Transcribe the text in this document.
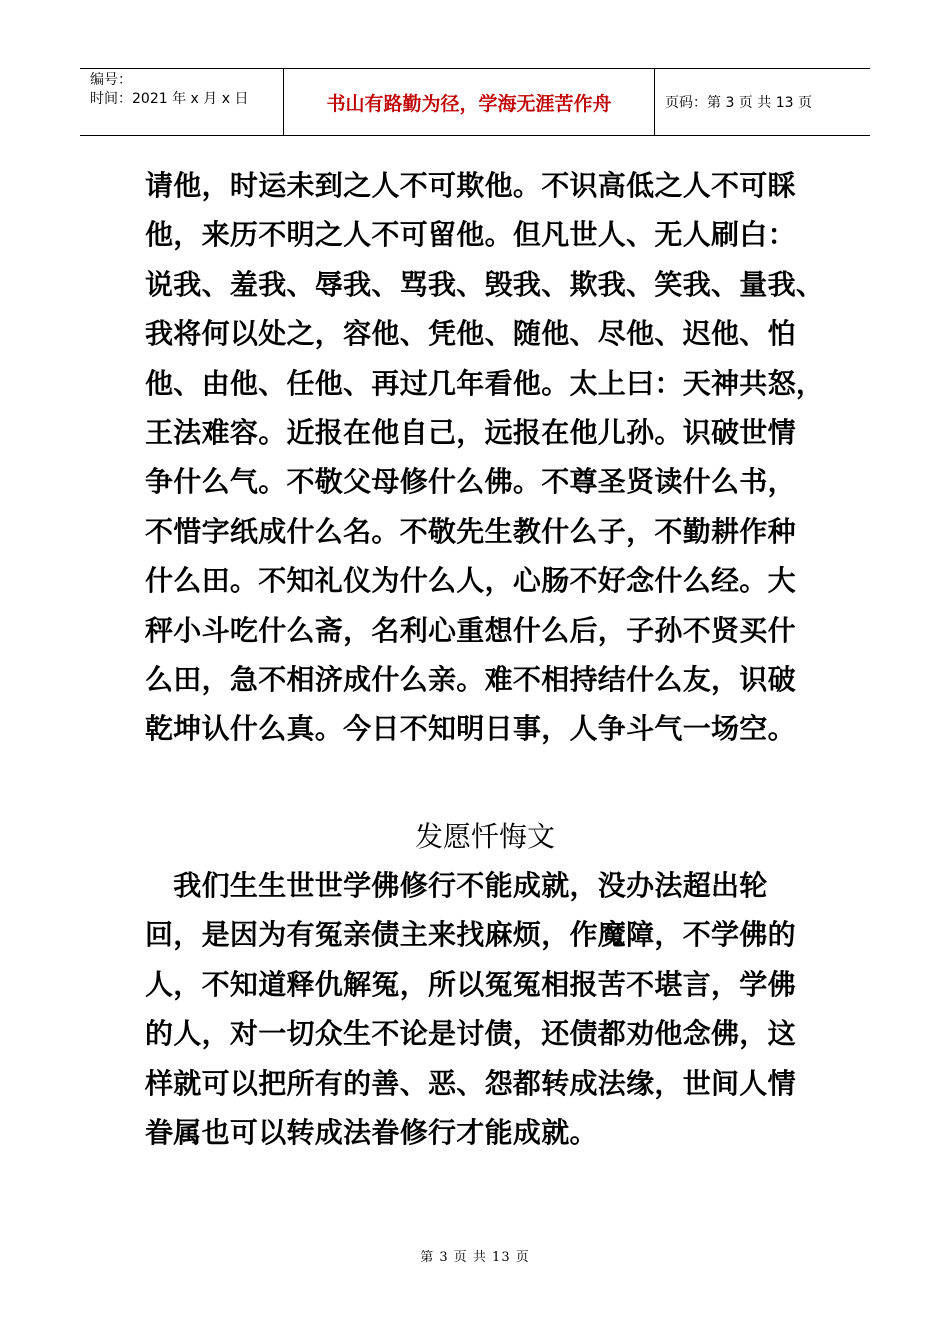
编号：
时间：2021 年 x 月 x 日	书山有路勤为径，学海无涯苦作舟	页码：第 3 页 共 13 页
请他，时运未到之人不可欺他。不识高低之人不可睬
他，来历不明之人不可留他。但凡世人、无人刷白：
说我、羞我、辱我、骂我、毁我、欺我、笑我、量我、
我将何以处之，容他、凭他、随他、尽他、迟他、怕
他、由他、任他、再过几年看他。太上曰：天神共怒，
王法难容。近报在他自己，远报在他儿孙。识破世情
争什么气。不敬父母修什么佛。不尊圣贤读什么书，
不惜字纸成什么名。不敬先生教什么子，不勤耕作种
什么田。不知礼仪为什么人，心肠不好念什么经。大
秤小斗吃什么斋，名利心重想什么后，子孙不贤买什
么田，急不相济成什么亲。难不相持结什么友，识破
乾坤认什么真。今日不知明日事，人争斗气一场空。
发愿忏悔文
　我们生生世世学佛修行不能成就，没办法超出轮
回，是因为有冤亲债主来找麻烦，作魔障，不学佛的
人，不知道释仇解冤，所以冤冤相报苦不堪言，学佛
的人，对一切众生不论是讨债，还债都劝他念佛，这
样就可以把所有的善、恶、怨都转成法缘，世间人情
眷属也可以转成法眷修行才能成就。
第 3 页 共 13 页
